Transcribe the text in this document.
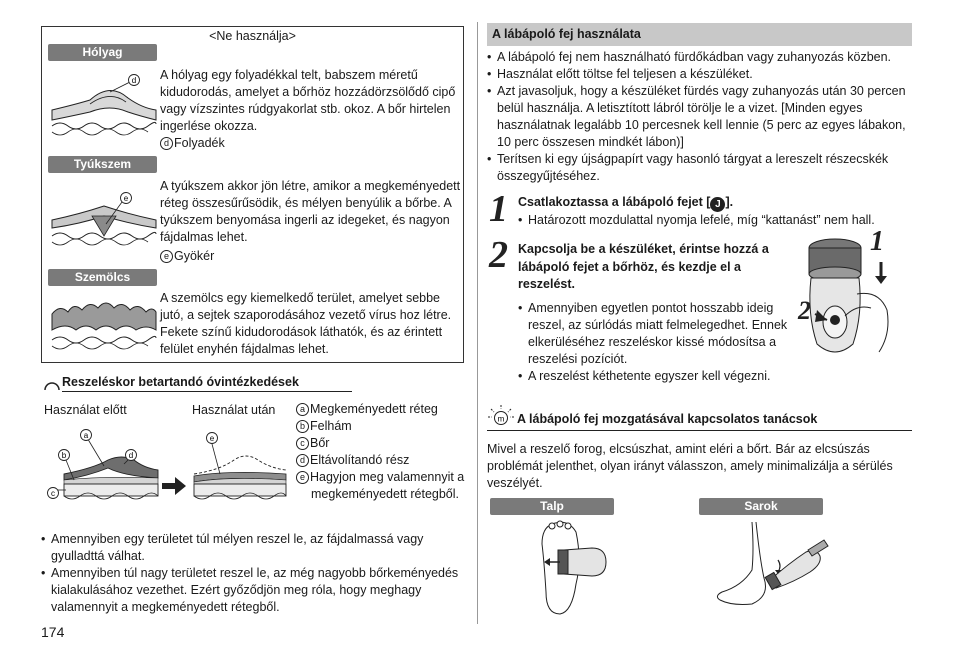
<Ne használja>
Hólyag
d A hólyag egy folyadékkal telt, babszem méretű kidudorodás, amelyet a bőrhöz hozzádörzsölődő cipő vagy vízszintes rúdgyakorlat stb. okoz. A bőr hirtelen ingerlése okozza.
d Folyadék
Tyúkszem
e
A tyúkszem akkor jön létre, amikor a megkeményedett réteg összesűrűsödik, és mélyen benyúlik a bőrbe. A tyúkszem benyomása ingerli az idegeket, és nagyon fájdalmas lehet.
e Gyökér
Szemölcs
A szemölcs egy kiemelkedő terület, amelyet sebbe jutó, a sejtek szaporodásához vezető vírus hoz létre. Fekete színű kidudorodások láthatók, és az érintett felület enyhén fájdalmas lehet.
Reszeléskor betartandó óvintézkedések
Használat előtt	Használat után
a
b	d
c
e
a Megkeményedett réteg
b Felhám
c Bőr
d Eltávolítandó rész
e Hagyjon meg valamennyit a megkeményedett rétegből.
• Amennyiben egy területet túl mélyen reszel le, az fájdalmassá vagy gyulladttá válhat.
• Amennyiben túl nagy területet reszel le, az még nagyobb bőrkeményedés kialakulásához vezethet. Ezért győződjön meg róla, hogy meghagy valamennyit a megkeményedett rétegből.
174
A lábápoló fej használata
• A lábápoló fej nem használható fürdőkádban vagy zuhanyozás közben.
• Használat előtt töltse fel teljesen a készüléket.
• Azt javasoljuk, hogy a készüléket fürdés vagy zuhanyozás után 30 percen belül használja. A letisztított lábról törölje le a vizet. [Minden egyes használatnak legalább 10 percesnek kell lennie (5 perc az egyes lábakon, 10 perc összesen mindkét lábon)]
• Terítsen ki egy újságpapírt vagy hasonló tárgyat a lereszelt részecskék összegyűjtéséhez.
1 Csatlakoztassa a lábápoló fejet [ J ].
• Határozott mozdulattal nyomja lefelé, míg “kattanást” nem hall.
2 Kapcsolja be a készüléket, érintse hozzá a lábápoló fejet a bőrhöz, és kezdje el a reszelést.
• Amennyiben egyetlen pontot hosszabb ideig reszel, az súrlódás miatt felmelegedhet. Ennek elkerüléséhez reszeléskor kissé módosítsa a reszelési pozíciót.
• A reszelést kéthetente egyszer kell végezni.
1
2
m A lábápoló fej mozgatásával kapcsolatos tanácsok
Mivel a reszelő forog, elcsúszhat, amint eléri a bőrt. Bár az elcsúszás problémát jelenthet, olyan irányt válasszon, amely minimalizálja a sérülés veszélyét.
Talp	Sarok
